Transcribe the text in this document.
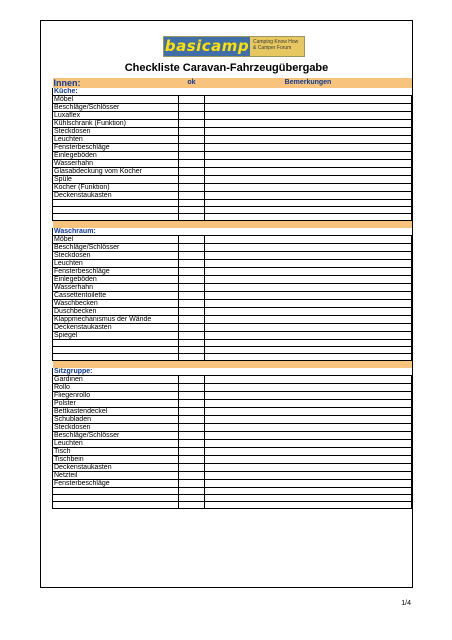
basicamp Camping Know How
& Camper Forum
Checkliste Caravan-Fahrzeugübergabe
Innen:	ok	Bemerkungen
Küche:		
Möbel		
Beschläge/Schlösser		
Luxaflex		
Kühlschrank (Funktion)		
Steckdosen		
Leuchten		
Fensterbeschläge		
Einlegeböden		
Wasserhahn		
Glasabdeckung vom Kocher		
Spüle		
Kocher (Funktion)		
Deckenstaukasten		

Waschraum:		
Möbel		
Beschläge/Schlösser		
Steckdosen		
Leuchten		
Fensterbeschläge		
Einlegeböden		
Wasserhahn		
Cassettentoilette		
Waschbecken		
Duschbecken		
Klappmechanismus der Wände		
Deckenstaukasten		
Spiegel		

Sitzgruppe:		
Gardinen		
Rollo		
Fliegenrollo		
Polster		
Bettkastendeckel		
Schubladen		
Steckdosen		
Beschläge/Schlösser		
Leuchten		
Tisch		
Tischbein		
Deckenstaukasten		
Netzteil		
Fensterbeschläge		

1/4
